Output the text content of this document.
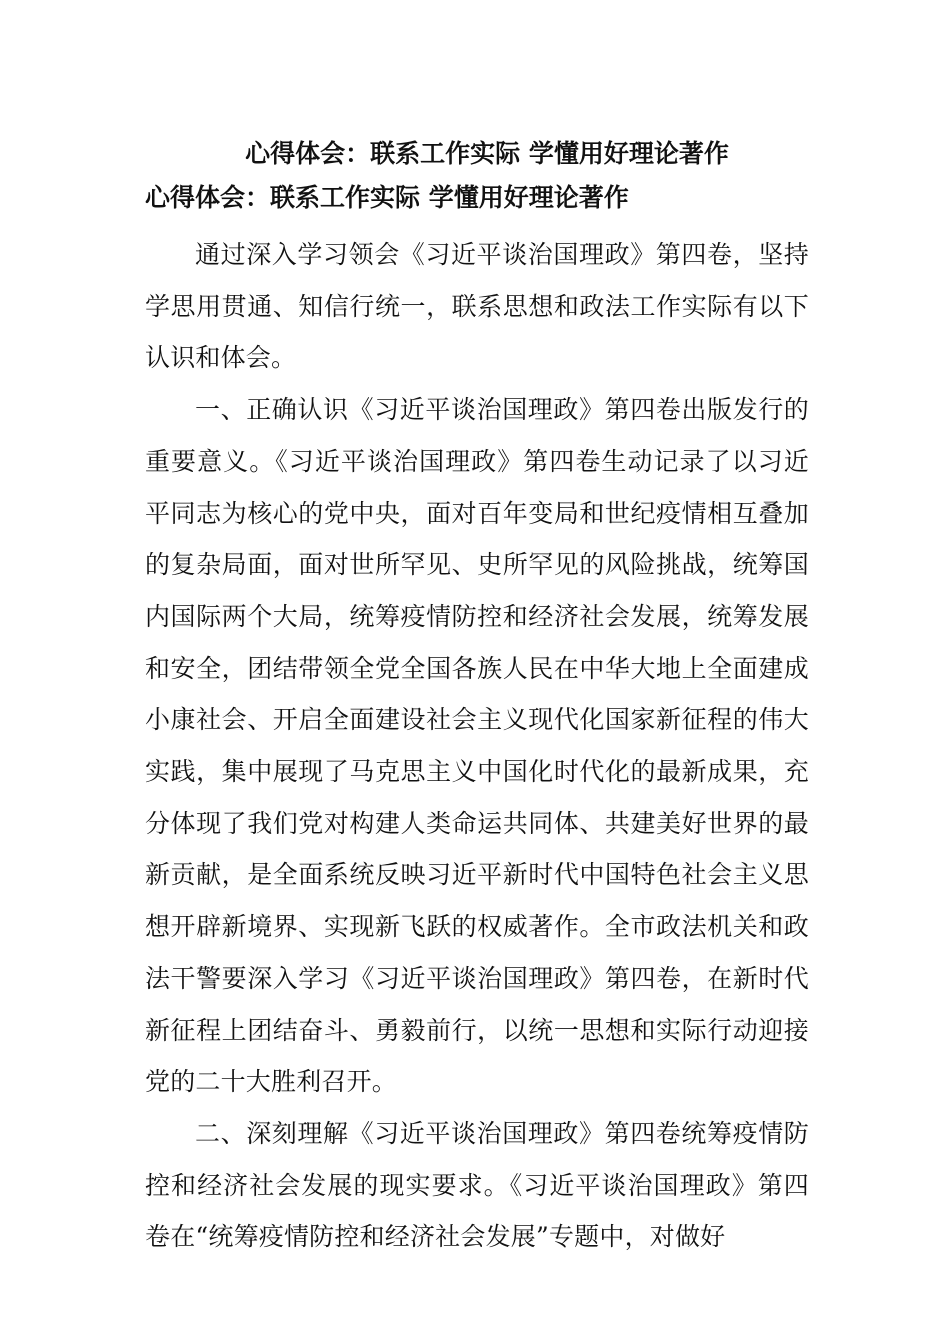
心得体会：联系工作实际 学懂用好理论著作
心得体会：联系工作实际 学懂用好理论著作

通过深入学习领会《习近平谈治国理政》第四卷，坚持学思用贯通、知信行统一，联系思想和政法工作实际有以下认识和体会。

一、正确认识《习近平谈治国理政》第四卷出版发行的重要意义。《习近平谈治国理政》第四卷生动记录了以习近平同志为核心的党中央，面对百年变局和世纪疫情相互叠加的复杂局面，面对世所罕见、史所罕见的风险挑战，统筹国内国际两个大局，统筹疫情防控和经济社会发展，统筹发展和安全，团结带领全党全国各族人民在中华大地上全面建成小康社会、开启全面建设社会主义现代化国家新征程的伟大实践，集中展现了马克思主义中国化时代化的最新成果，充分体现了我们党对构建人类命运共同体、共建美好世界的最新贡献，是全面系统反映习近平新时代中国特色社会主义思想开辟新境界、实现新飞跃的权威著作。全市政法机关和政法干警要深入学习《习近平谈治国理政》第四卷，在新时代新征程上团结奋斗、勇毅前行，以统一思想和实际行动迎接党的二十大胜利召开。

二、深刻理解《习近平谈治国理政》第四卷统筹疫情防控和经济社会发展的现实要求。《习近平谈治国理政》第四卷在“统筹疫情防控和经济社会发展”专题中，对做好
